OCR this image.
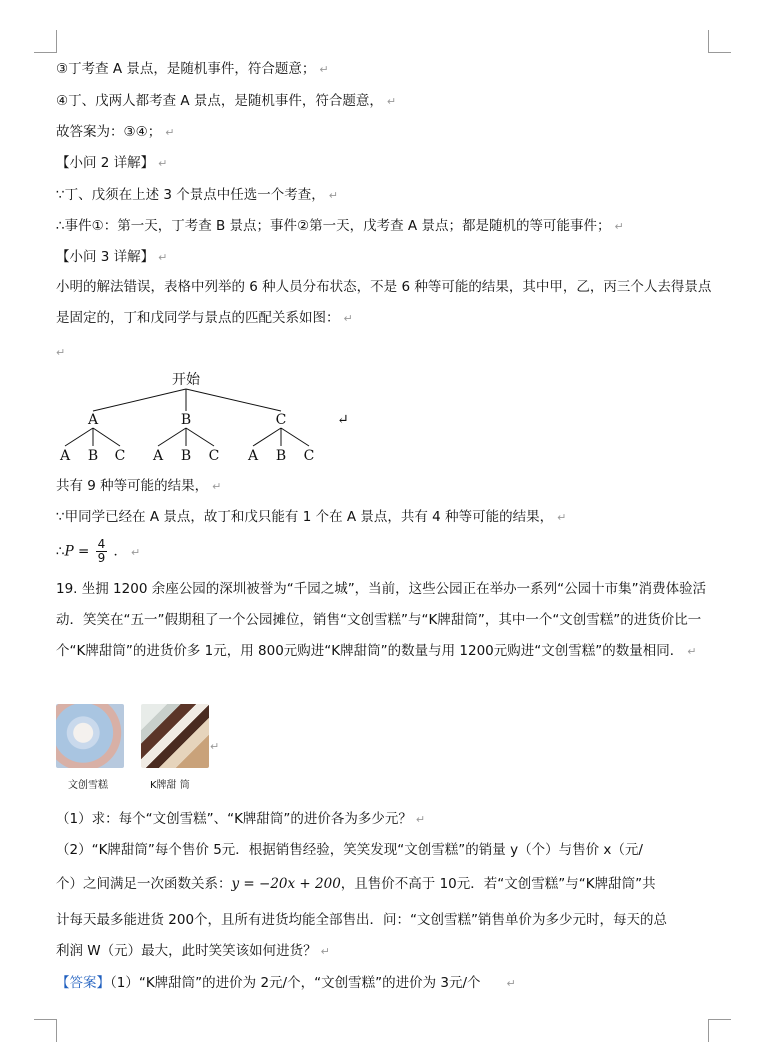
③丁考查 A 景点，是随机事件，符合题意； ↵
④丁、戊两人都考查 A 景点，是随机事件，符合题意， ↵
故答案为：③④； ↵
【小问 2 详解】 ↵
∵丁、戊须在上述 3 个景点中任选一个考查， ↵
∴事件①：第一天，丁考查 B 景点；事件②第一天，戊考查 A 景点；都是随机的等可能事件； ↵
【小问 3 详解】 ↵
小明的解法错误，表格中列举的 6 种人员分布状态，不是 6 种等可能的结果，其中甲，乙，丙三个人去得景点是固定的，丁和戊同学与景点的匹配关系如图： ↵
↵
开始
A	B	C
A B C A B C A B C
↵
共有 9 种等可能的结果， ↵
∵甲同学已经在 A 景点，故丁和戊只能有 1 个在 A 景点，共有 4 种等可能的结果， ↵
∴P = $\frac{4}{9}$ ． ↵
19. 坐拥 1200 余座公园的深圳被誉为“千园之城”，当前，这些公园正在举办一系列“公园十市集”消费体验活动．笑笑在“五一”假期租了一个公园摊位，销售“文创雪糕”与“K牌甜筒”，其中一个“文创雪糕”的进货价比一个“K牌甜筒”的进货价多 1元，用 800元购进“K牌甜筒”的数量与用 1200元购进“文创雪糕”的数量相同． ↵
↵
文创雪糕	K牌甜 筒
（1）求：每个“文创雪糕”、“K牌甜筒”的进价各为多少元？ ↵
（2）“K牌甜筒”每个售价 5元．根据销售经验，笑笑发现“文创雪糕”的销量 y（个）与售价 x（元/
个）之间满足一次函数关系：y = −20x + 200，且售价不高于 10元．若“文创雪糕”与“K牌甜筒”共
计每天最多能进货 200个，且所有进货均能全部售出．问：“文创雪糕”销售单价为多少元时，每天的总
利润 W（元）最大，此时笑笑该如何进货？ ↵
【答案】（1）“K牌甜筒”的进价为 2元/个，“文创雪糕”的进价为 3元/个 ↵
